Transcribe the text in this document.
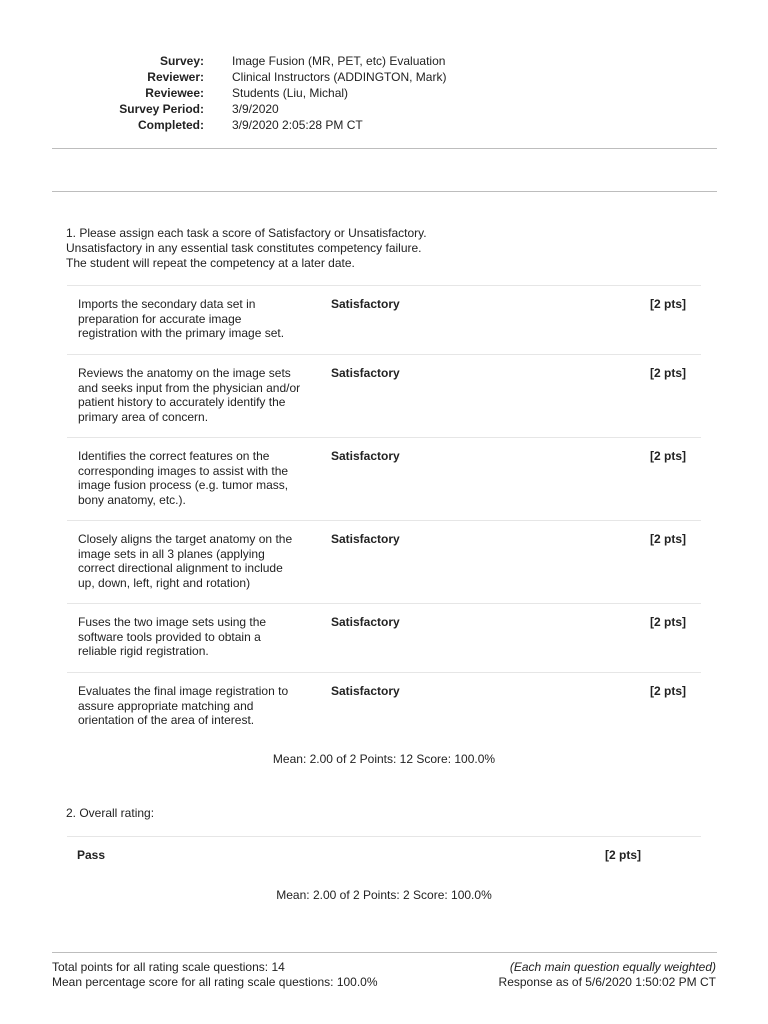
Survey: Image Fusion (MR, PET, etc) Evaluation
Reviewer: Clinical Instructors (ADDINGTON, Mark)
Reviewee: Students (Liu, Michal)
Survey Period: 3/9/2020
Completed: 3/9/2020 2:05:28 PM CT
1. Please assign each task a score of Satisfactory or Unsatisfactory.
Unsatisfactory in any essential task constitutes competency failure.
The student will repeat the competency at a later date.
Imports the secondary data set in
preparation for accurate image
registration with the primary image set.
Satisfactory	[2 pts]
Reviews the anatomy on the image sets
and seeks input from the physician and/or
patient history to accurately identify the
primary area of concern.
Satisfactory	[2 pts]
Identifies the correct features on the
corresponding images to assist with the
image fusion process (e.g. tumor mass,
bony anatomy, etc.).
Satisfactory	[2 pts]
Closely aligns the target anatomy on the
image sets in all 3 planes (applying
correct directional alignment to include
up, down, left, right and rotation)
Satisfactory	[2 pts]
Fuses the two image sets using the
software tools provided to obtain a
reliable rigid registration.
Satisfactory	[2 pts]
Evaluates the final image registration to
assure appropriate matching and
orientation of the area of interest.
Satisfactory	[2 pts]
Mean: 2.00 of 2 Points: 12 Score: 100.0%
2. Overall rating:
Pass	[2 pts]
Mean: 2.00 of 2 Points: 2 Score: 100.0%
Total points for all rating scale questions: 14
Mean percentage score for all rating scale questions: 100.0%
(Each main question equally weighted)
Response as of 5/6/2020 1:50:02 PM CT
